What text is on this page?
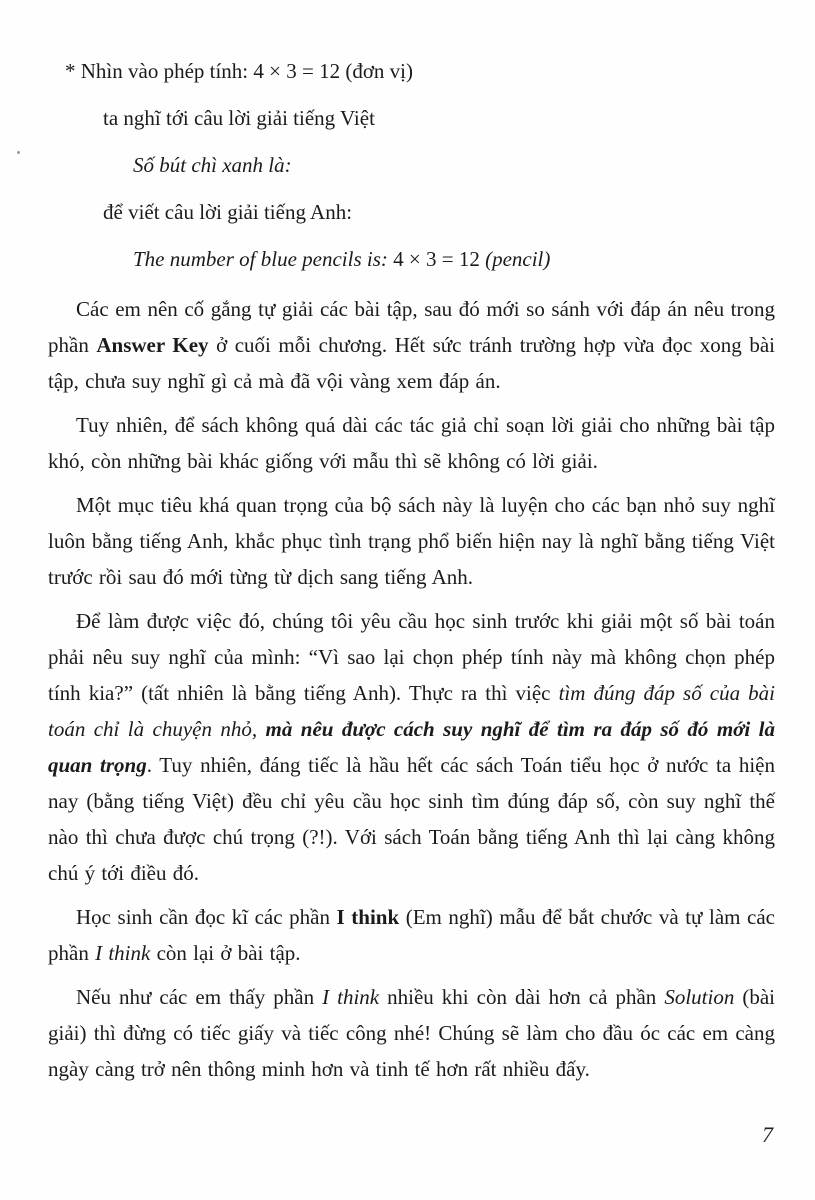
* Nhìn vào phép tính: 4 × 3 = 12 (đơn vị)
ta nghĩ tới câu lời giải tiếng Việt
Số bút chì xanh là:
để viết câu lời giải tiếng Anh:
The number of blue pencils is: 4 × 3 = 12 (pencil)

Các em nên cố gắng tự giải các bài tập, sau đó mới so sánh với đáp án nêu trong phần Answer Key ở cuối mỗi chương. Hết sức tránh trường hợp vừa đọc xong bài tập, chưa suy nghĩ gì cả mà đã vội vàng xem đáp án.

Tuy nhiên, để sách không quá dài các tác giả chỉ soạn lời giải cho những bài tập khó, còn những bài khác giống với mẫu thì sẽ không có lời giải.

Một mục tiêu khá quan trọng của bộ sách này là luyện cho các bạn nhỏ suy nghĩ luôn bằng tiếng Anh, khắc phục tình trạng phổ biến hiện nay là nghĩ bằng tiếng Việt trước rồi sau đó mới từng từ dịch sang tiếng Anh.

Để làm được việc đó, chúng tôi yêu cầu học sinh trước khi giải một số bài toán phải nêu suy nghĩ của mình: “Vì sao lại chọn phép tính này mà không chọn phép tính kia?” (tất nhiên là bằng tiếng Anh). Thực ra thì việc tìm đúng đáp số của bài toán chỉ là chuyện nhỏ, mà nêu được cách suy nghĩ để tìm ra đáp số đó mới là quan trọng. Tuy nhiên, đáng tiếc là hầu hết các sách Toán tiểu học ở nước ta hiện nay (bằng tiếng Việt) đều chỉ yêu cầu học sinh tìm đúng đáp số, còn suy nghĩ thế nào thì chưa được chú trọng (?!). Với sách Toán bằng tiếng Anh thì lại càng không chú ý tới điều đó.

Học sinh cần đọc kĩ các phần I think (Em nghĩ) mẫu để bắt chước và tự làm các phần I think còn lại ở bài tập.

Nếu như các em thấy phần I think nhiều khi còn dài hơn cả phần Solution (bài giải) thì đừng có tiếc giấy và tiếc công nhé! Chúng sẽ làm cho đầu óc các em càng ngày càng trở nên thông minh hơn và tinh tế hơn rất nhiều đấy.

7
